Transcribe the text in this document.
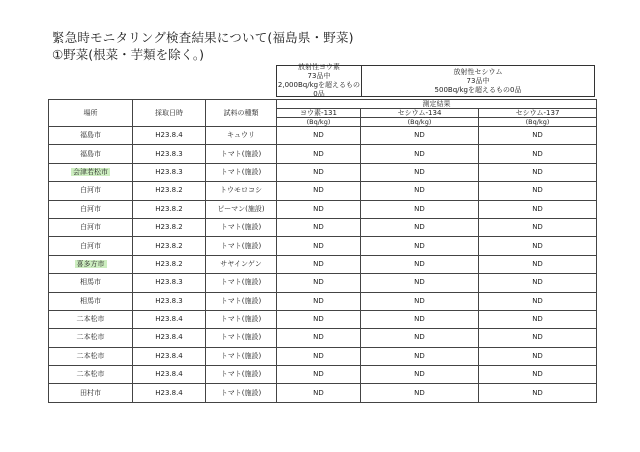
緊急時モニタリング検査結果について(福島県・野菜)
①野菜(根菜・芋類を除く。)
放射性ヨウ素
73品中
2,000Bq/kgを超えるもの0品
放射性セシウム
73品中
500Bq/kgを超えるもの0品
場所	採取日時	試料の種類	測定結果		
			ヨウ素-131	セシウム-134	セシウム-137
			(Bq/kg)	(Bq/kg)	(Bq/kg)
福島市	H23.8.4	キュウリ	ND	ND	ND
福島市	H23.8.3	トマト(施設)	ND	ND	ND
会津若松市	H23.8.3	トマト(施設)	ND	ND	ND
白河市	H23.8.2	トウモロコシ	ND	ND	ND
白河市	H23.8.2	ピーマン(施設)	ND	ND	ND
白河市	H23.8.2	トマト(施設)	ND	ND	ND
白河市	H23.8.2	トマト(施設)	ND	ND	ND
喜多方市	H23.8.2	サヤインゲン	ND	ND	ND
相馬市	H23.8.3	トマト(施設)	ND	ND	ND
相馬市	H23.8.3	トマト(施設)	ND	ND	ND
二本松市	H23.8.4	トマト(施設)	ND	ND	ND
二本松市	H23.8.4	トマト(施設)	ND	ND	ND
二本松市	H23.8.4	トマト(施設)	ND	ND	ND
二本松市	H23.8.4	トマト(施設)	ND	ND	ND
田村市	H23.8.4	トマト(施設)	ND	ND	ND
